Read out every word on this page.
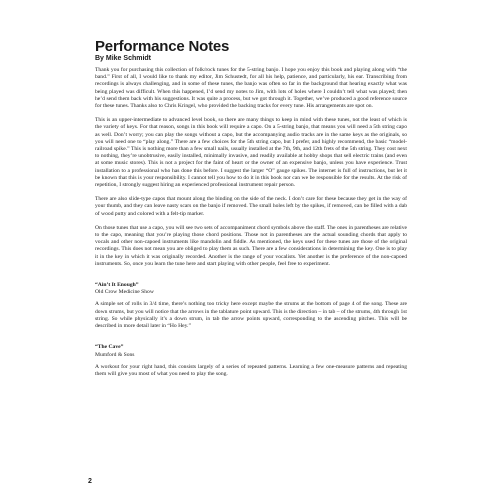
Performance Notes
By Mike Schmidt

Thank you for purchasing this collection of folk/rock tunes for the 5-string banjo. I hope you enjoy this book and playing along with “the band.” First of all, I would like to thank my editor, Jim Schustedt, for all his help, patience, and particularly, his ear. Transcribing from recordings is always challenging, and in some of these tunes, the banjo was often so far in the background that hearing exactly what was being played was difficult. When this happened, I’d send my notes to Jim, with lots of holes where I couldn’t tell what was played; then he’d send them back with his suggestions. It was quite a process, but we got through it. Together, we’ve produced a good reference source for these tunes. Thanks also to Chris Kringel, who provided the backing tracks for every tune. His arrangements are spot on.

This is an upper-intermediate to advanced level book, so there are many things to keep in mind with these tunes, not the least of which is the variety of keys. For that reason, songs in this book will require a capo. On a 5-string banjo, that means you will need a 5th string capo as well. Don’t worry; you can play the songs without a capo, but the accompanying audio tracks are in the same keys as the originals, so you will need one to “play along.” There are a few choices for the 5th string capo, but I prefer, and highly recommend, the basic “model-railroad spike.” This is nothing more than a few small nails, usually installed at the 7th, 9th, and 12th frets of the 5th string. They cost next to nothing, they’re unobtrusive, easily installed, minimally invasive, and readily available at hobby shops that sell electric trains (and even at some music stores). This is not a project for the faint of heart or the owner of an expensive banjo, unless you have experience. Trust installation to a professional who has done this before. I suggest the larger “O” gauge spikes. The internet is full of instructions, but let it be known that this is your responsibility. I cannot tell you how to do it in this book nor can we be responsible for the results. At the risk of repetition, I strongly suggest hiring an experienced professional instrument repair person.

There are also slide-type capos that mount along the binding on the side of the neck. I don’t care for these because they get in the way of your thumb, and they can leave nasty scars on the banjo if removed. The small holes left by the spikes, if removed, can be filled with a dab of wood putty and colored with a felt-tip marker.

On those tunes that use a capo, you will see two sets of accompaniment chord symbols above the staff. The ones in parentheses are relative to the capo, meaning that you’re playing those chord positions. Those not in parentheses are the actual sounding chords that apply to vocals and other non-capoed instruments like mandolin and fiddle. As mentioned, the keys used for these tunes are those of the original recordings. This does not mean you are obliged to play them as such. There are a few considerations in determining the key. One is to play it in the key in which it was originally recorded. Another is the range of your vocalists. Yet another is the preference of the non-capoed instruments. So, once you learn the tune here and start playing with other people, feel free to experiment.

“Ain’t It Enough”
Old Crow Medicine Show

A simple set of rolls in 3/4 time, there’s nothing too tricky here except maybe the strums at the bottom of page 4 of the song. These are down strums, but you will notice that the arrows in the tablature point upward. This is the direction – in tab – of the strums, 4th through 1st string. So while physically it’s a down strum, in tab the arrow points upward, corresponding to the ascending pitches. This will be described in more detail later in “Ho Hey.”

“The Cave”
Mumford & Sons

A workout for your right hand, this consists largely of a series of repeated patterns. Learning a few one-measure patterns and repeating them will give you most of what you need to play the song.

2
